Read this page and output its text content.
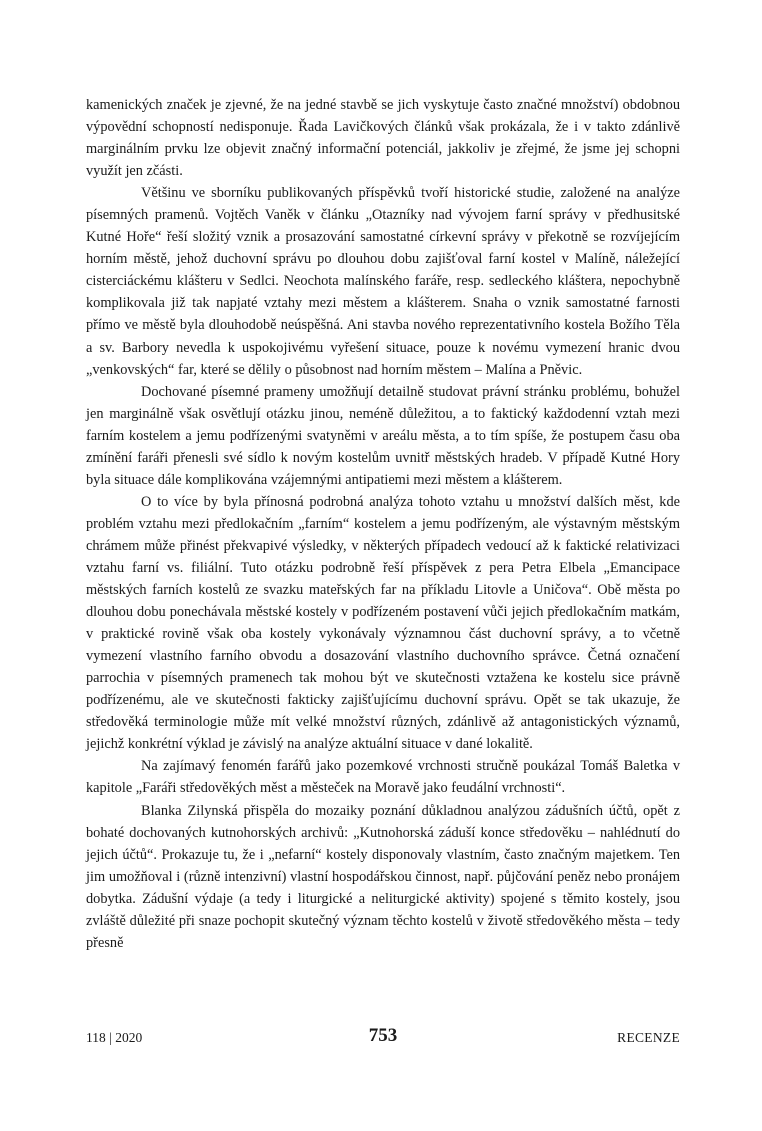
kamenických značek je zjevné, že na jedné stavbě se jich vyskytuje často značné množství) obdobnou výpovědní schopností nedisponuje. Řada Lavičkových článků však prokázala, že i v takto zdánlivě marginálním prvku lze objevit značný informační potenciál, jakkoliv je zřejmé, že jsme jej schopni využít jen zčásti.

Většinu ve sborníku publikovaných příspěvků tvoří historické studie, založené na analýze písemných pramenů. Vojtěch Vaněk v článku „Otazníky nad vývojem farní správy v předhusitské Kutné Hoře“ řeší složitý vznik a prosazování samostatné církevní správy v překotně se rozvíjejícím horním městě, jehož duchovní správu po dlouhou dobu zajišťoval farní kostel v Malíně, náležející cisterciáckému klášteru v Sedlci. Neochota malínského faráře, resp. sedleckého kláštera, nepochybně komplikovala již tak napjaté vztahy mezi městem a klášterem. Snaha o vznik samostatné farnosti přímo ve městě byla dlouhodobě neúspěšná. Ani stavba nového reprezentativního kostela Božího Těla a sv. Barbory nevedla k uspokojivému vyřešení situace, pouze k novému vymezení hranic dvou „venkovských“ far, které se dělily o působnost nad horním městem – Malína a Pněvic.

Dochované písemné prameny umožňují detailně studovat právní stránku problému, bohužel jen marginálně však osvětlují otázku jinou, neméně důležitou, a to faktický každodenní vztah mezi farním kostelem a jemu podřízenými svatyněmi v areálu města, a to tím spíše, že postupem času oba zmínění faráři přenesli své sídlo k novým kostelům uvnitř městských hradeb. V případě Kutné Hory byla situace dále komplikována vzájemnými antipatiemi mezi městem a klášterem.

O to více by byla přínosná podrobná analýza tohoto vztahu u množství dalších měst, kde problém vztahu mezi předlokačním „farním“ kostelem a jemu podřízeným, ale výstavným městským chrámem může přinést překvapivé výsledky, v některých případech vedoucí až k faktické relativizaci vztahu farní vs. filiální. Tuto otázku podrobně řeší příspěvek z pera Petra Elbela „Emancipace městských farních kostelů ze svazku mateřských far na příkladu Litovle a Uničova“. Obě města po dlouhou dobu ponechávala městské kostely v podřízeném postavení vůči jejich předlokačním matkám, v praktické rovině však oba kostely vykonávaly významnou část duchovní správy, a to včetně vymezení vlastního farního obvodu a dosazování vlastního duchovního správce. Četná označení parrochia v písemných pramenech tak mohou být ve skutečnosti vztažena ke kostelu sice právně podřízenému, ale ve skutečnosti fakticky zajišťujícímu duchovní správu. Opět se tak ukazuje, že středověká terminologie může mít velké množství různých, zdánlivě až antagonistických významů, jejichž konkrétní výklad je závislý na analýze aktuální situace v dané lokalitě.

Na zajímavý fenomén farářů jako pozemkové vrchnosti stručně poukázal Tomáš Baletka v kapitole „Faráři středověkých měst a městeček na Moravě jako feudální vrchnosti“.

Blanka Zilynská přispěla do mozaiky poznání důkladnou analýzou zádušních účtů, opět z bohaté dochovaných kutnohorských archivů: „Kutnohorská záduší konce středověku – nahlédnutí do jejich účtů“. Prokazuje tu, že i „nefarní“ kostely disponovaly vlastním, často značným majetkem. Ten jim umožňoval i (různě intenzivní) vlastní hospodářskou činnost, např. půjčování peněz nebo pronájem dobytka. Zádušní výdaje (a tedy i liturgické a neliturgické aktivity) spojené s těmito kostely, jsou zvláště důležité při snaze pochopit skutečný význam těchto kostelů v životě středověkého města – tedy přesně

118 | 2020	753	RECENZE
